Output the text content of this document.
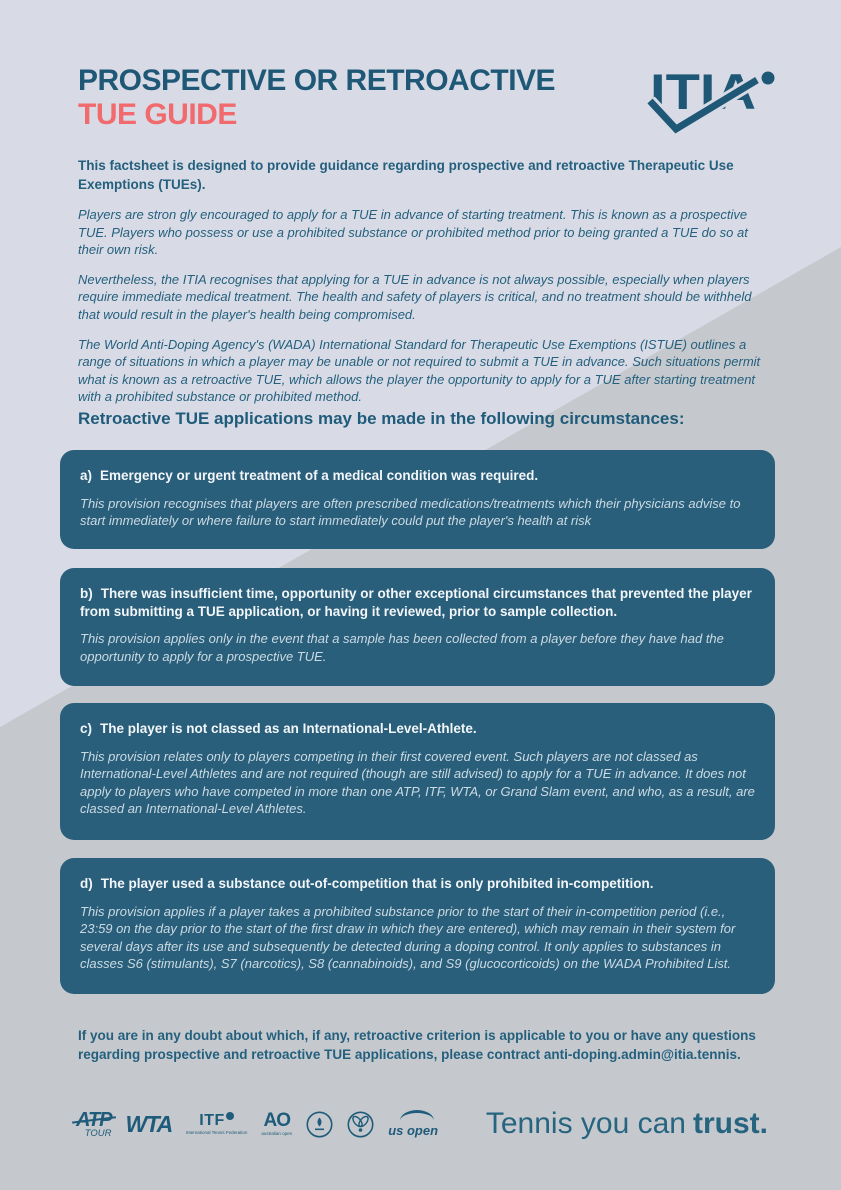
PROSPECTIVE OR RETROACTIVE
TUE GUIDE	ITIA

This factsheet is designed to provide guidance regarding prospective and retroactive Therapeutic Use Exemptions (TUEs).

Players are stron gly encouraged to apply for a TUE in advance of starting treatment. This is known as a prospective TUE. Players who possess or use a prohibited substance or prohibited method prior to being granted a TUE do so at their own risk.

Nevertheless, the ITIA recognises that applying for a TUE in advance is not always possible, especially when players require immediate medical treatment. The health and safety of players is critical, and no treatment should be withheld that would result in the player's health being compromised.

The World Anti-Doping Agency's (WADA) International Standard for Therapeutic Use Exemptions (ISTUE) outlines a range of situations in which a player may be unable or not required to submit a TUE in advance. Such situations permit what is known as a retroactive TUE, which allows the player the opportunity to apply for a TUE after starting treatment with a prohibited substance or prohibited method.

Retroactive TUE applications may be made in the following circumstances:

a) Emergency or urgent treatment of a medical condition was required.

This provision recognises that players are often prescribed medications/treatments which their physicians advise to start immediately or where failure to start immediately could put the player's health at risk

b) There was insufficient time, opportunity or other exceptional circumstances that prevented the player from submitting a TUE application, or having it reviewed, prior to sample collection.

This provision applies only in the event that a sample has been collected from a player before they have had the opportunity to apply for a prospective TUE.

c) The player is not classed as an International-Level-Athlete.

This provision relates only to players competing in their first covered event. Such players are not classed as International-Level Athletes and are not required (though are still advised) to apply for a TUE in advance. It does not apply to players who have competed in more than one ATP, ITF, WTA, or Grand Slam event, and who, as a result, are classed an International-Level Athletes.

d) The player used a substance out-of-competition that is only prohibited in-competition.

This provision applies if a player takes a prohibited substance prior to the start of their in-competition period (i.e., 23:59 on the day prior to the start of the first draw in which they are entered), which may remain in their system for several days after its use and subsequently be detected during a doping control. It only applies to substances in classes S6 (stimulants), S7 (narcotics), S8 (cannabinoids), and S9 (glucocorticoids) on the WADA Prohibited List.

If you are in any doubt about which, if any, retroactive criterion is applicable to you or have any questions regarding prospective and retroactive TUE applications, please contract anti-doping.admin@itia.tennis.
ATP
TOUR WTA ITF
International Tennis Federation
AO
australian open	us open Tennis you can trust.
